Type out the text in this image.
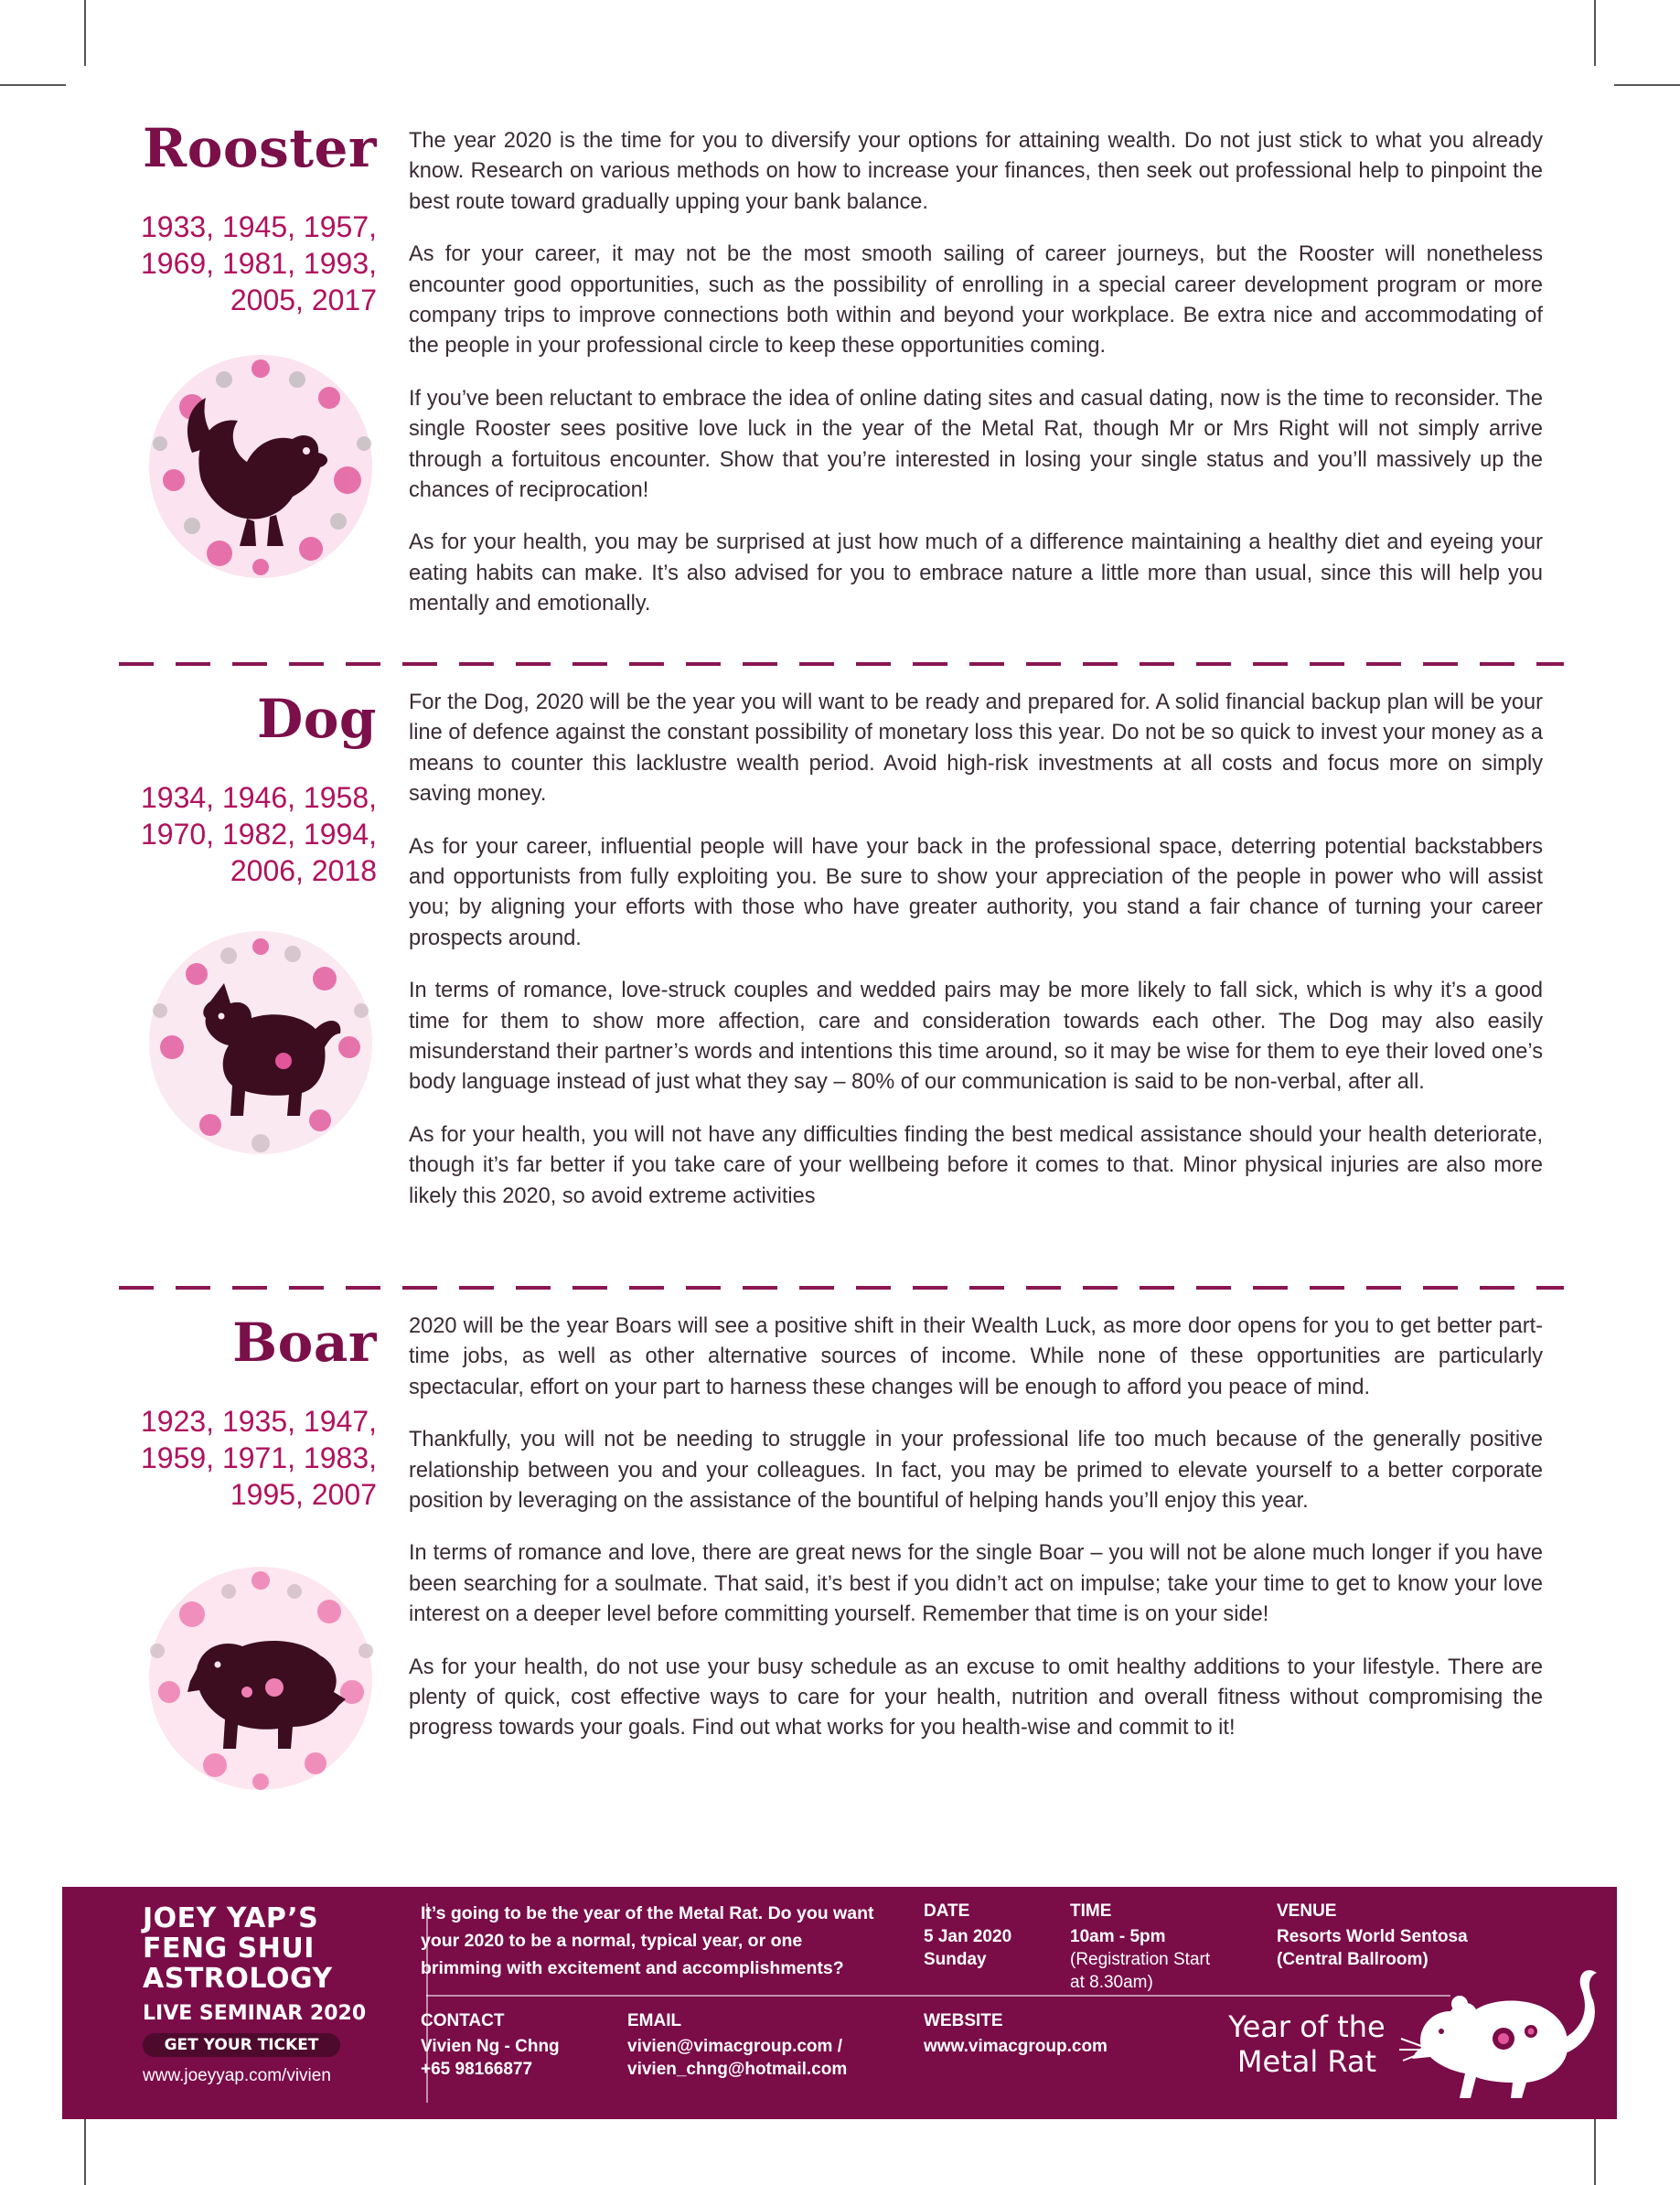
Rooster
1933, 1945, 1957,
1969, 1981, 1993,
2005, 2017

The year 2020 is the time for you to diversify your options for attaining wealth. Do not just stick to what you already know. Research on various methods on how to increase your finances, then seek out professional help to pinpoint the best route toward gradually upping your bank balance.

As for your career, it may not be the most smooth sailing of career journeys, but the Rooster will nonetheless encounter good opportunities, such as the possibility of enrolling in a special career development program or more company trips to improve connections both within and beyond your workplace. Be extra nice and accommodating of the people in your professional circle to keep these opportunities coming.

If you’ve been reluctant to embrace the idea of online dating sites and casual dating, now is the time to reconsider. The single Rooster sees positive love luck in the year of the Metal Rat, though Mr or Mrs Right will not simply arrive through a fortuitous encounter. Show that you’re interested in losing your single status and you’ll massively up the chances of reciprocation!

As for your health, you may be surprised at just how much of a difference maintaining a healthy diet and eyeing your eating habits can make. It’s also advised for you to embrace nature a little more than usual, since this will help you mentally and emotionally.

Dog
1934, 1946, 1958,
1970, 1982, 1994,
2006, 2018

For the Dog, 2020 will be the year you will want to be ready and prepared for. A solid financial backup plan will be your line of defence against the constant possibility of monetary loss this year. Do not be so quick to invest your money as a means to counter this lacklustre wealth period. Avoid high-risk investments at all costs and focus more on simply saving money.

As for your career, influential people will have your back in the professional space, deterring potential backstabbers and opportunists from fully exploiting you. Be sure to show your appreciation of the people in power who will assist you; by aligning your efforts with those who have greater authority, you stand a fair chance of turning your career prospects around.

In terms of romance, love-struck couples and wedded pairs may be more likely to fall sick, which is why it’s a good time for them to show more affection, care and consideration towards each other. The Dog may also easily misunderstand their partner’s words and intentions this time around, so it may be wise for them to eye their loved one’s body language instead of just what they say – 80% of our communication is said to be non-verbal, after all.

As for your health, you will not have any difficulties finding the best medical assistance should your health deteriorate, though it’s far better if you take care of your wellbeing before it comes to that. Minor physical injuries are also more likely this 2020, so avoid extreme activities

Boar
1923, 1935, 1947,
1959, 1971, 1983,
1995, 2007

2020 will be the year Boars will see a positive shift in their Wealth Luck, as more door opens for you to get better part-time jobs, as well as other alternative sources of income. While none of these opportunities are particularly spectacular, effort on your part to harness these changes will be enough to afford you peace of mind.

Thankfully, you will not be needing to struggle in your professional life too much because of the generally positive relationship between you and your colleagues. In fact, you may be primed to elevate yourself to a better corporate position by leveraging on the assistance of the bountiful of helping hands you’ll enjoy this year.

In terms of romance and love, there are great news for the single Boar – you will not be alone much longer if you have been searching for a soulmate. That said, it’s best if you didn’t act on impulse; take your time to get to know your love interest on a deeper level before committing yourself. Remember that time is on your side!

As for your health, do not use your busy schedule as an excuse to omit healthy additions to your lifestyle. There are plenty of quick, cost effective ways to care for your health, nutrition and overall fitness without compromising the progress towards your goals. Find out what works for you health-wise and commit to it!

JOEY YAP’S
FENG SHUI
ASTROLOGY
LIVE SEMINAR 2020
GET YOUR TICKET
www.joeyyap.com/vivien
It’s going to be the year of the Metal Rat. Do you want your 2020 to be a normal, typical year, or one brimming with excitement and accomplishments?
DATE
5 Jan 2020
Sunday
TIME
10am - 5pm
(Registration Start
at 8.30am)
VENUE
Resorts World Sentosa
(Central Ballroom)
CONTACT
Vivien Ng - Chng
+65 98166877
EMAIL
vivien@vimacgroup.com /
vivien_chng@hotmail.com
WEBSITE
www.vimacgroup.com
Year of the
Metal Rat
